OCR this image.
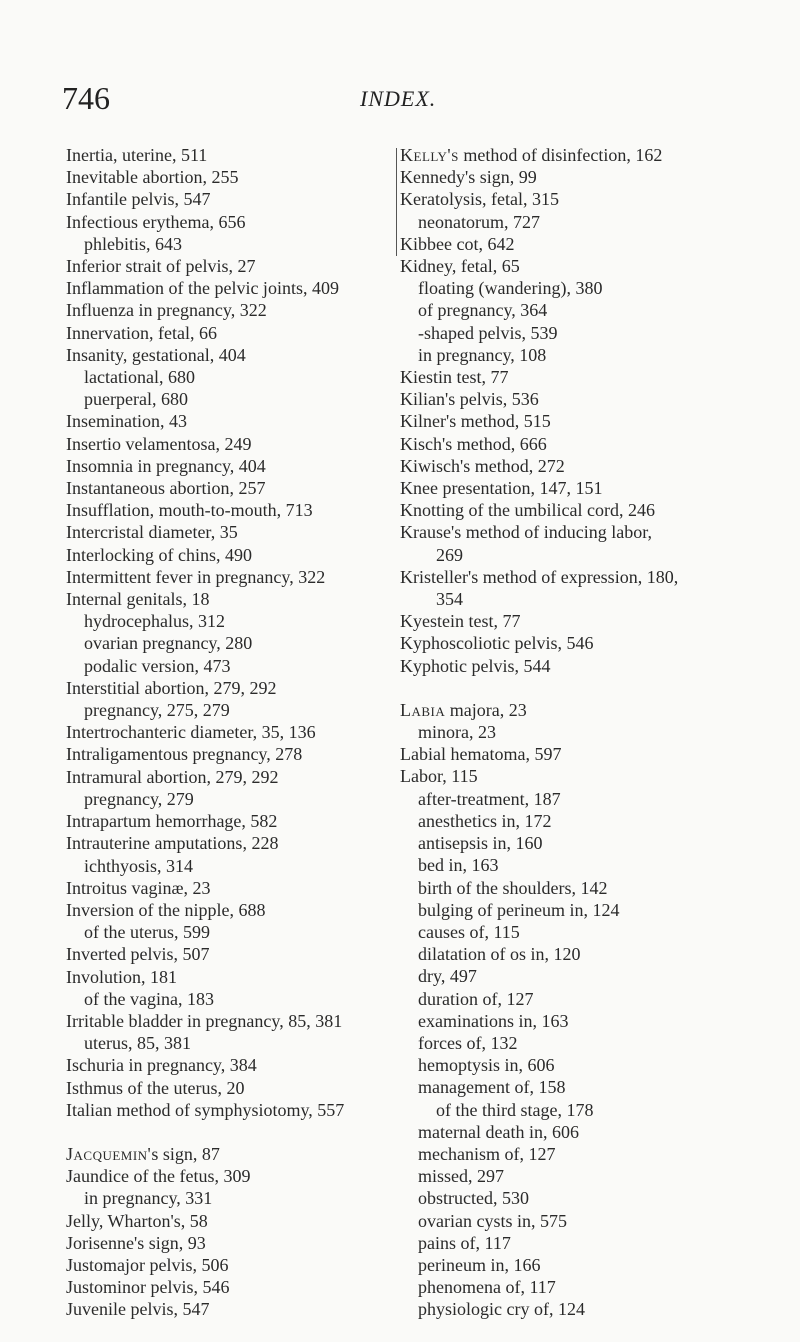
746	INDEX.
Inertia, uterine, 511
Inevitable abortion, 255
Infantile pelvis, 547
Infectious erythema, 656
phlebitis, 643
Inferior strait of pelvis, 27
Inflammation of the pelvic joints, 409
Influenza in pregnancy, 322
Innervation, fetal, 66
Insanity, gestational, 404
lactational, 680
puerperal, 680
Insemination, 43
Insertio velamentosa, 249
Insomnia in pregnancy, 404
Instantaneous abortion, 257
Insufflation, mouth-to-mouth, 713
Intercristal diameter, 35
Interlocking of chins, 490
Intermittent fever in pregnancy, 322
Internal genitals, 18
hydrocephalus, 312
ovarian pregnancy, 280
podalic version, 473
Interstitial abortion, 279, 292
pregnancy, 275, 279
Intertrochanteric diameter, 35, 136
Intraligamentous pregnancy, 278
Intramural abortion, 279, 292
pregnancy, 279
Intrapartum hemorrhage, 582
Intrauterine amputations, 228
ichthyosis, 314
Introitus vaginæ, 23
Inversion of the nipple, 688
of the uterus, 599
Inverted pelvis, 507
Involution, 181
of the vagina, 183
Irritable bladder in pregnancy, 85, 381
uterus, 85, 381
Ischuria in pregnancy, 384
Isthmus of the uterus, 20
Italian method of symphysiotomy, 557
Jacquemin's sign, 87
Jaundice of the fetus, 309
in pregnancy, 331
Jelly, Wharton's, 58
Jorisenne's sign, 93
Justomajor pelvis, 506
Justominor pelvis, 546
Juvenile pelvis, 547
Kelly's method of disinfection, 162
Kennedy's sign, 99
Keratolysis, fetal, 315
neonatorum, 727
Kibbee cot, 642
Kidney, fetal, 65
floating (wandering), 380
of pregnancy, 364
-shaped pelvis, 539
in pregnancy, 108
Kiestin test, 77
Kilian's pelvis, 536
Kilner's method, 515
Kisch's method, 666
Kiwisch's method, 272
Knee presentation, 147, 151
Knotting of the umbilical cord, 246
Krause's method of inducing labor,
269
Kristeller's method of expression, 180,
354
Kyestein test, 77
Kyphoscoliotic pelvis, 546
Kyphotic pelvis, 544
Labia majora, 23
minora, 23
Labial hematoma, 597
Labor, 115
after-treatment, 187
anesthetics in, 172
antisepsis in, 160
bed in, 163
birth of the shoulders, 142
bulging of perineum in, 124
causes of, 115
dilatation of os in, 120
dry, 497
duration of, 127
examinations in, 163
forces of, 132
hemoptysis in, 606
management of, 158
of the third stage, 178
maternal death in, 606
mechanism of, 127
missed, 297
obstructed, 530
ovarian cysts in, 575
pains of, 117
perineum in, 166
phenomena of, 117
physiologic cry of, 124
